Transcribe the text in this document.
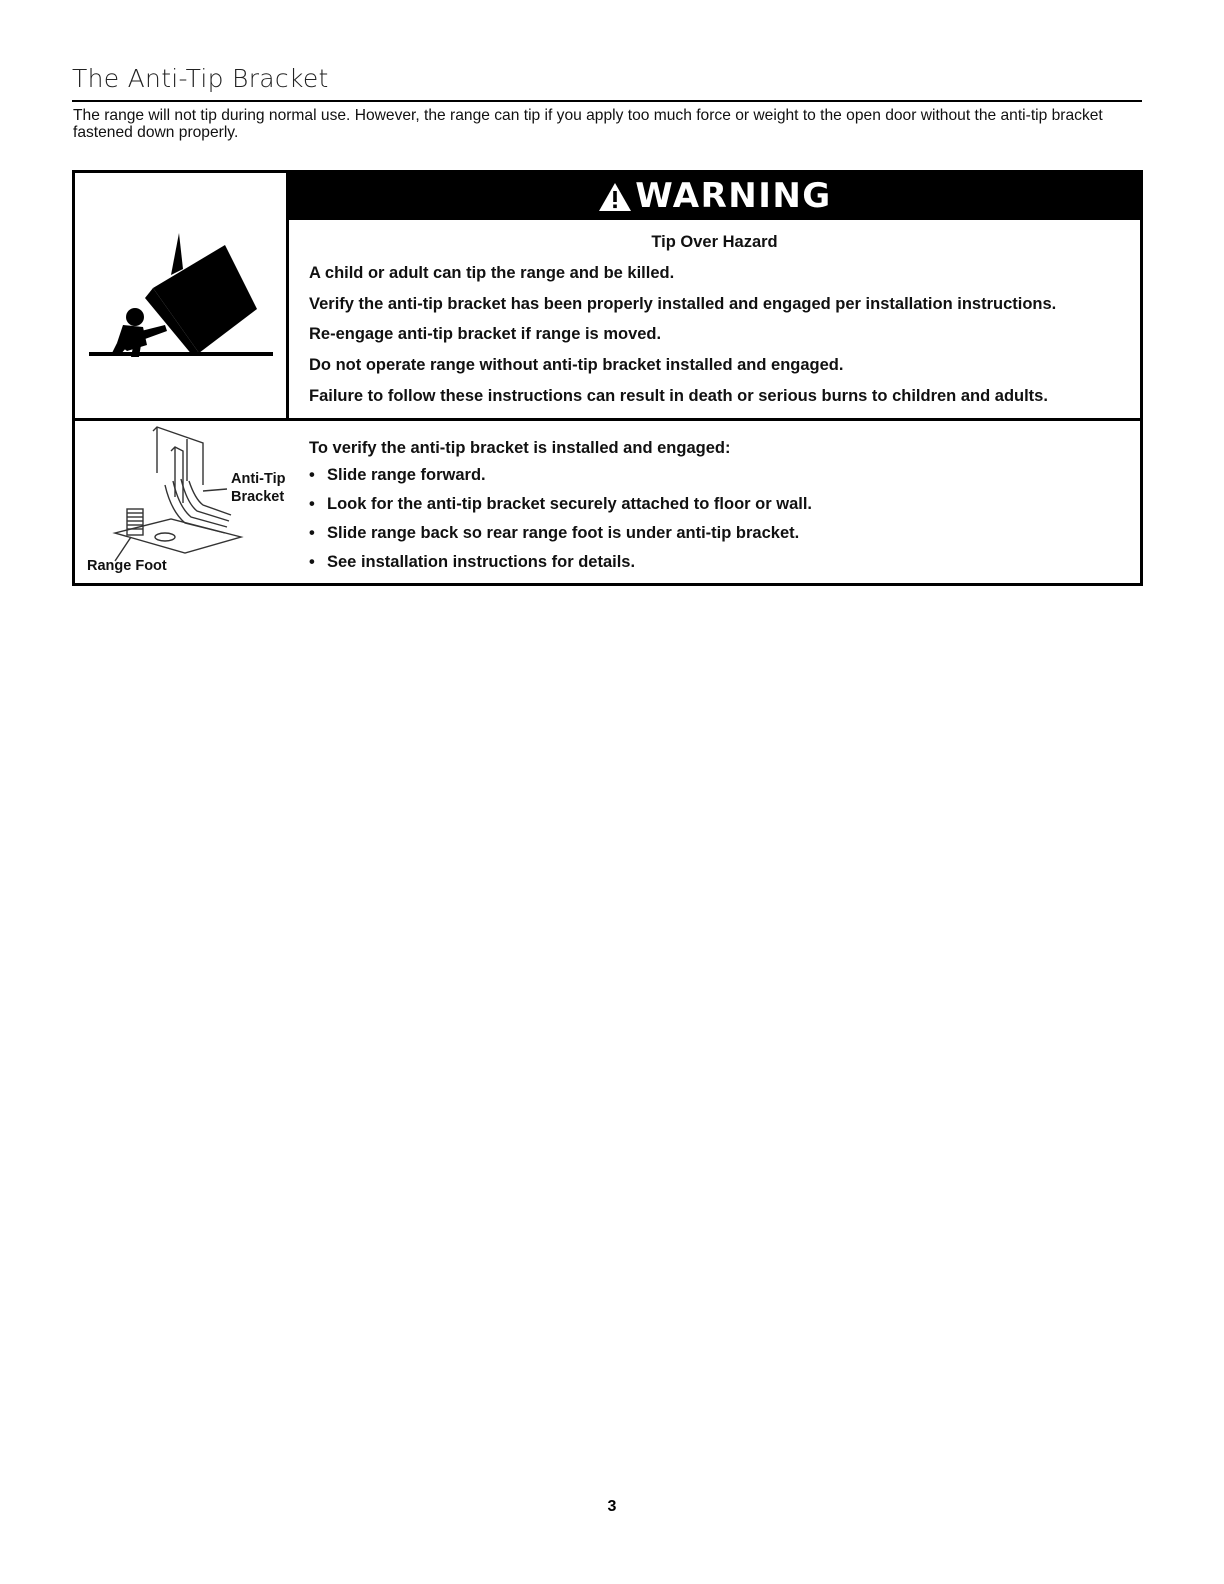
The Anti-Tip Bracket
The range will not tip during normal use. However, the range can tip if you apply too much force or weight to the open door without the anti-tip bracket fastened down properly.
WARNING
Tip Over Hazard
A child or adult can tip the range and be killed.
Verify the anti-tip bracket has been properly installed and engaged per installation instructions.
Re-engage anti-tip bracket if range is moved.
Do not operate range without anti-tip bracket installed and engaged.
Failure to follow these instructions can result in death or serious burns to children and adults.
Anti-Tip
Bracket
Range Foot
To verify the anti-tip bracket is installed and engaged:
• Slide range forward.
• Look for the anti-tip bracket securely attached to floor or wall.
• Slide range back so rear range foot is under anti-tip bracket.
• See installation instructions for details.
3
